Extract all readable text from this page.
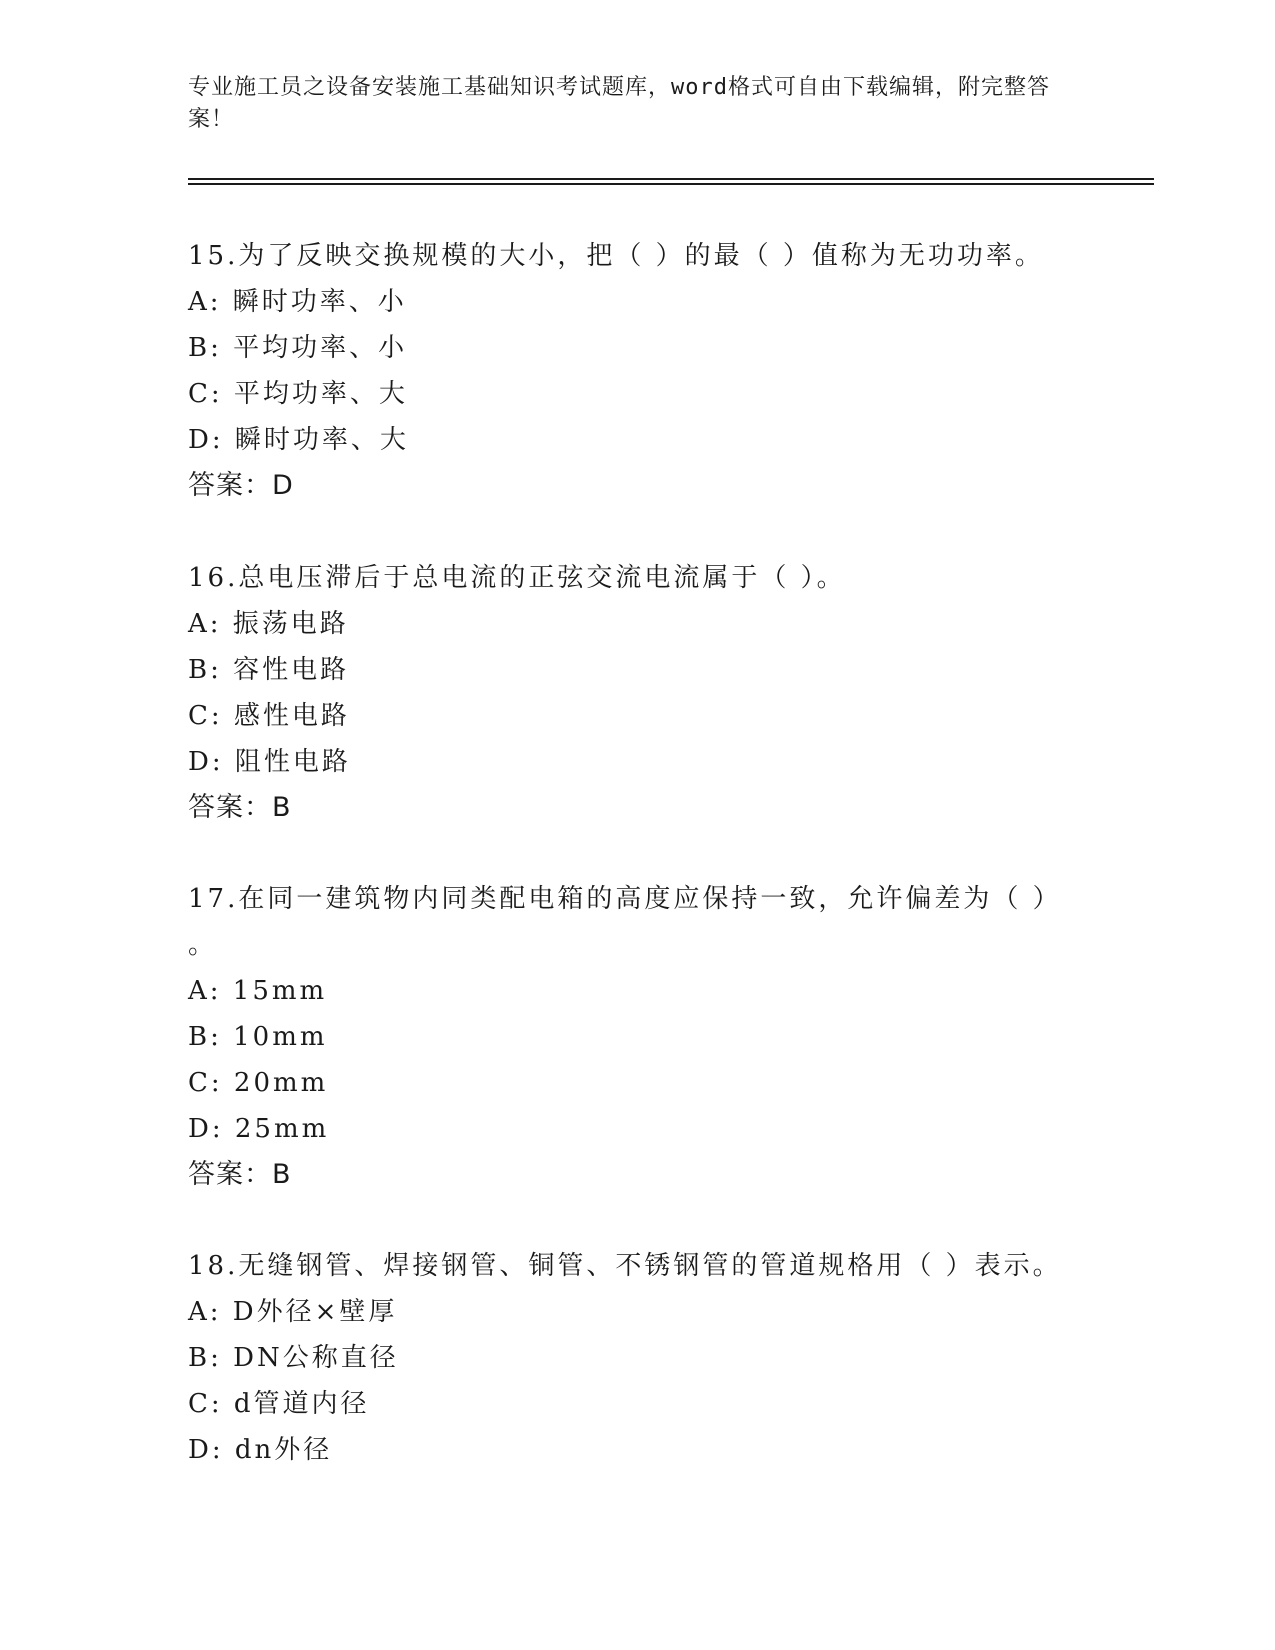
专业施工员之设备安装施工基础知识考试题库，word格式可自由下载编辑，附完整答案！

15.为了反映交换规模的大小，把（ ）的最（ ）值称为无功功率。

A: 瞬时功率、小

B: 平均功率、小

C: 平均功率、大

D: 瞬时功率、大

答案：D

16.总电压滞后于总电流的正弦交流电流属于（ ）。

A: 振荡电路

B: 容性电路

C: 感性电路

D: 阻性电路

答案：B

17.在同一建筑物内同类配电箱的高度应保持一致，允许偏差为（ ）
。

A: 15mm

B: 10mm

C: 20mm

D: 25mm

答案：B

18.无缝钢管、焊接钢管、铜管、不锈钢管的管道规格用（ ）表示。

A: D外径×壁厚

B: DN公称直径

C: d管道内径

D: dn外径
